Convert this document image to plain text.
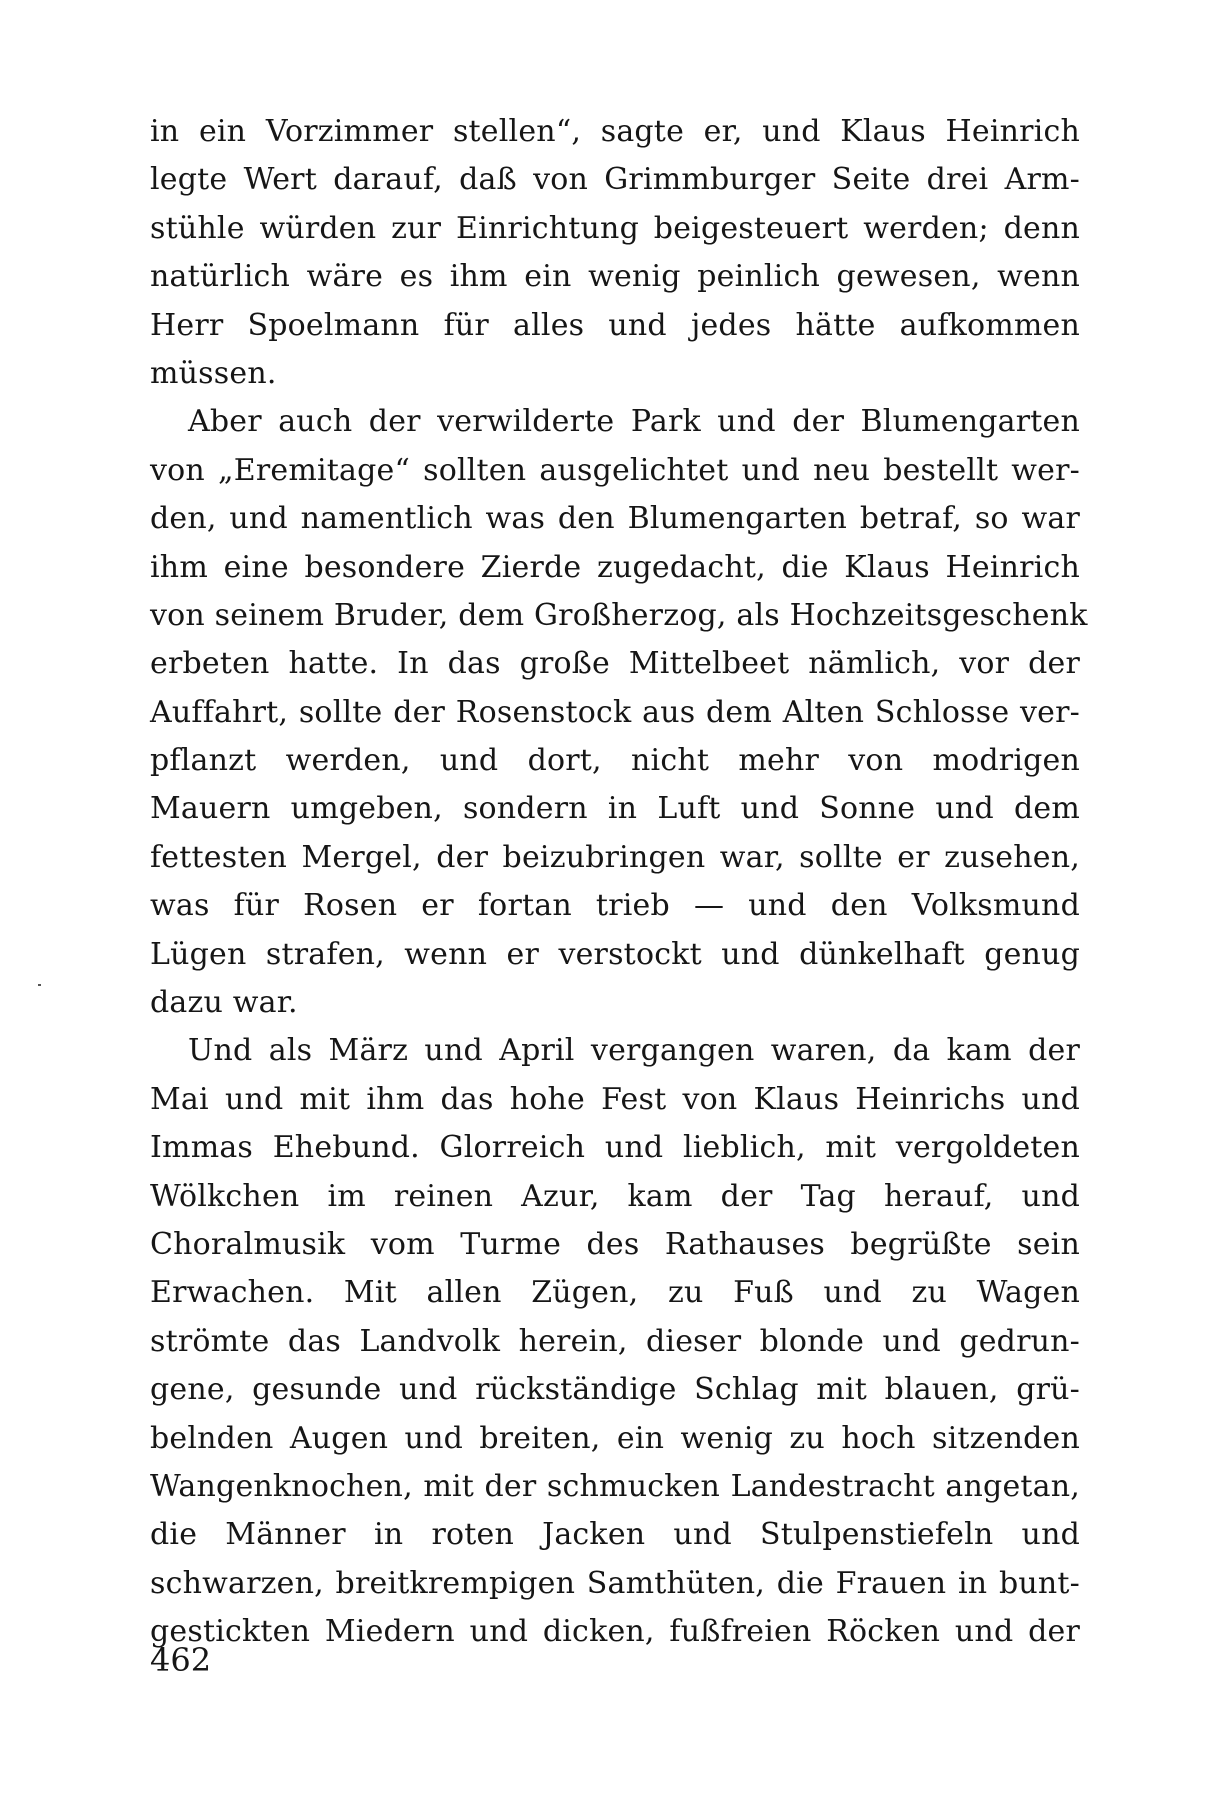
in ein Vorzimmer stellen“, sagte er, und Klaus Heinrich
legte Wert darauf, daß von Grimmburger Seite drei Arm-
stühle würden zur Einrichtung beigesteuert werden; denn
natürlich wäre es ihm ein wenig peinlich gewesen, wenn
Herr Spoelmann für alles und jedes hätte aufkommen
müssen.

Aber auch der verwilderte Park und der Blumengarten
von „Eremitage“ sollten ausgelichtet und neu bestellt wer-
den, und namentlich was den Blumengarten betraf, so war
ihm eine besondere Zierde zugedacht, die Klaus Heinrich
von seinem Bruder, dem Großherzog, als Hochzeitsgeschenk
erbeten hatte. In das große Mittelbeet nämlich, vor der
Auffahrt, sollte der Rosenstock aus dem Alten Schlosse ver-
pflanzt werden, und dort, nicht mehr von modrigen
Mauern umgeben, sondern in Luft und Sonne und dem
fettesten Mergel, der beizubringen war, sollte er zusehen,
was für Rosen er fortan trieb — und den Volksmund
Lügen strafen, wenn er verstockt und dünkelhaft genug
dazu war.

Und als März und April vergangen waren, da kam der
Mai und mit ihm das hohe Fest von Klaus Heinrichs und
Immas Ehebund. Glorreich und lieblich, mit vergoldeten
Wölkchen im reinen Azur, kam der Tag herauf, und
Choralmusik vom Turme des Rathauses begrüßte sein
Erwachen. Mit allen Zügen, zu Fuß und zu Wagen
strömte das Landvolk herein, dieser blonde und gedrun-
gene, gesunde und rückständige Schlag mit blauen, grü-
belnden Augen und breiten, ein wenig zu hoch sitzenden
Wangenknochen, mit der schmucken Landestracht angetan,
die Männer in roten Jacken und Stulpenstiefeln und
schwarzen, breitkrempigen Samthüten, die Frauen in bunt-
gestickten Miedern und dicken, fußfreien Röcken und der

462
